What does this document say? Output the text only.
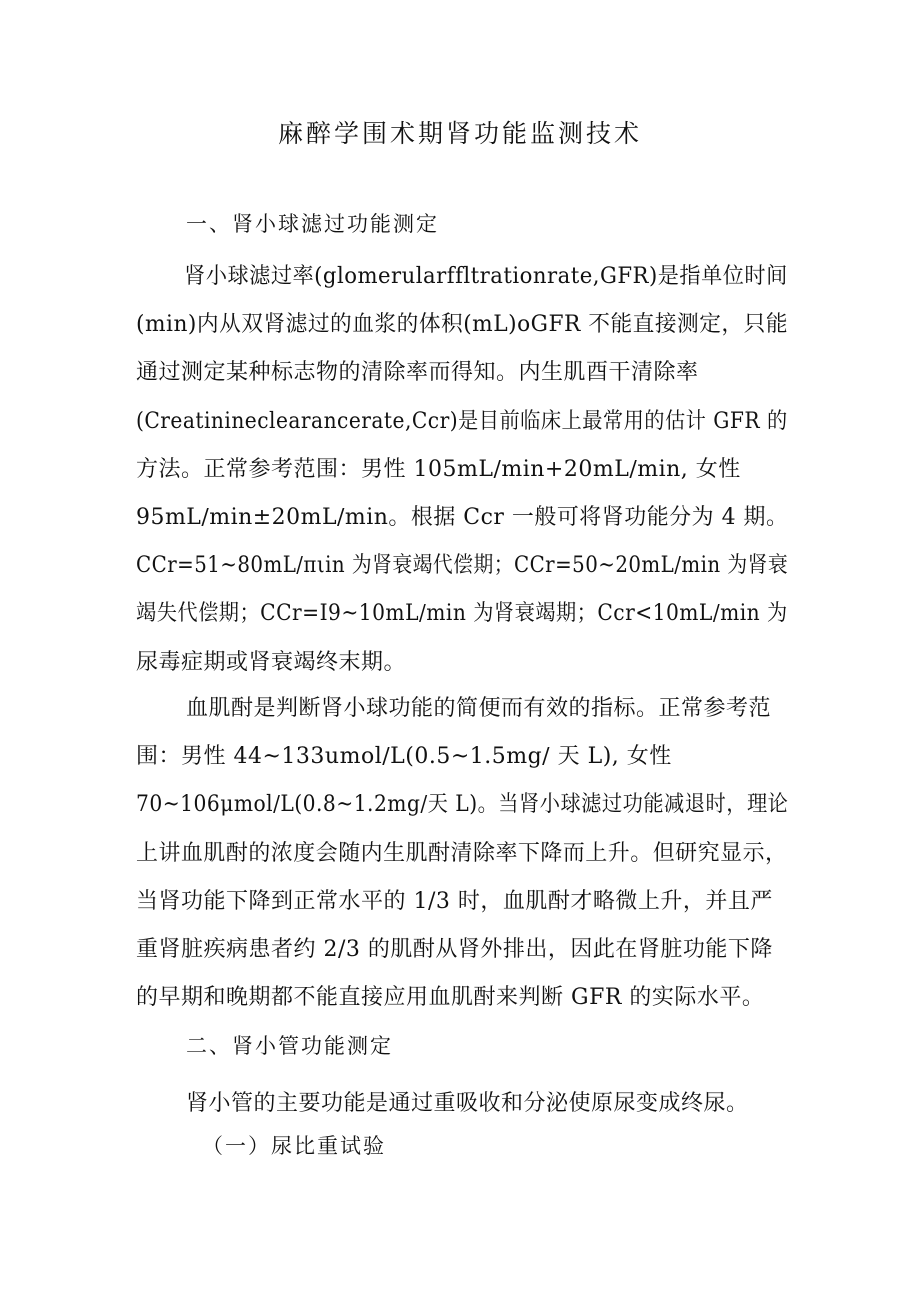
麻醉学围术期肾功能监测技术
一、肾小球滤过功能测定
肾小球滤过率(glomerularffltrationrate,GFR)是指单位时间
(min)内从双肾滤过的血浆的体积(mL)oGFR 不能直接测定，只能
通过测定某种标志物的清除率而得知。内生肌酉干清除率
(Creatinineclearancerate,Ccr)是目前临床上最常用的估计 GFR 的
方法。正常参考范围：男性 105mL∕min+20mL∕min, 女性
95mL∕min±20mL∕min。根据 Ccr 一般可将肾功能分为 4 期。
CCr=51~80mL∕πιin 为肾衰竭代偿期；CCr=50~20mL∕min 为肾衰
竭失代偿期；CCr=I9~10mL∕min 为肾衰竭期；Ccr<10mL∕min 为
尿毒症期或肾衰竭终末期。
血肌酎是判断肾小球功能的简便而有效的指标。正常参考范
围：男性 44~133umol∕L(0.5~1.5mg∕ 天 L), 女性
70~106μmol∕L(0.8~1.2mg∕天 L)。当肾小球滤过功能减退时，理论
上讲血肌酎的浓度会随内生肌酎清除率下降而上升。但研究显示，
当肾功能下降到正常水平的 1/3 时，血肌酎才略微上升，并且严
重肾脏疾病患者约 2/3 的肌酎从肾外排出，因此在肾脏功能下降
的早期和晚期都不能直接应用血肌酎来判断 GFR 的实际水平。
二、肾小管功能测定
肾小管的主要功能是通过重吸收和分泌使原尿变成终尿。
（一）尿比重试验
